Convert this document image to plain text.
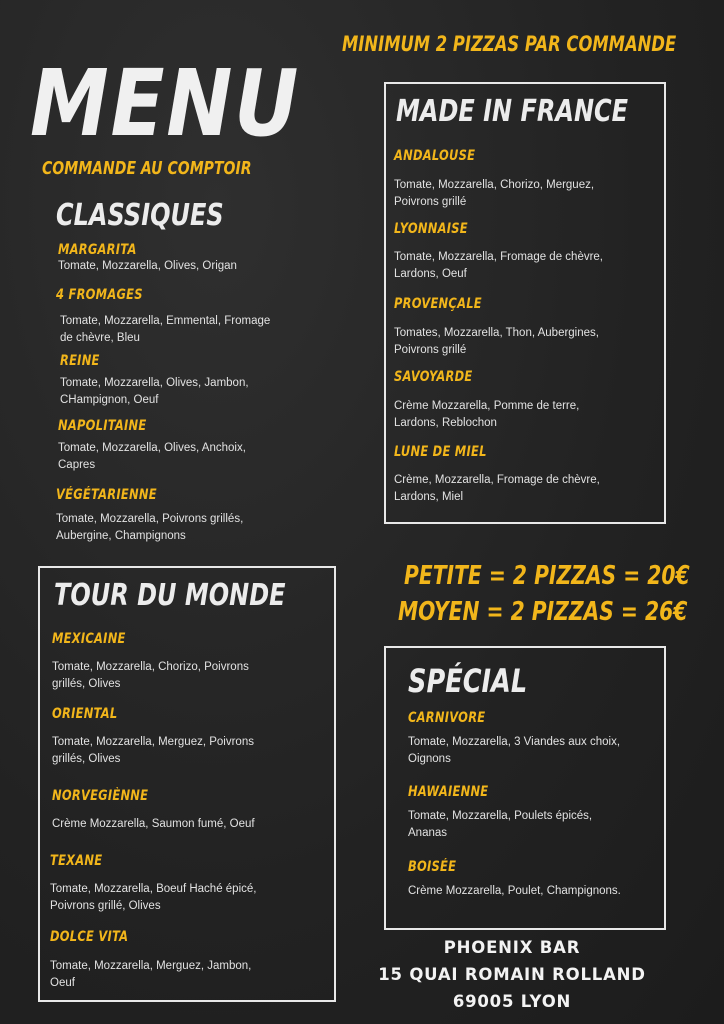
MINIMUM 2 PIZZAS PAR COMMANDE
MENU
COMMANDE AU COMPTOIR
CLASSIQUES
MARGARITA
Tomate, Mozzarella, Olives, Origan
4 FROMAGES
Tomate, Mozzarella, Emmental, Fromage de chèvre, Bleu
REINE
Tomate, Mozzarella, Olives, Jambon, CHampignon, Oeuf
NAPOLITAINE
Tomate, Mozzarella, Olives, Anchoix, Capres
VÉGÉTARIENNE
Tomate, Mozzarella, Poivrons grillés, Aubergine, Champignons
MADE IN FRANCE
ANDALOUSE
Tomate, Mozzarella, Chorizo, Merguez, Poivrons grillé
LYONNAISE
Tomate, Mozzarella, Fromage de chèvre, Lardons, Oeuf
PROVENÇALE
Tomates, Mozzarella, Thon, Aubergines, Poivrons grillé
SAVOYARDE
Crème Mozzarella, Pomme de terre, Lardons, Reblochon
LUNE DE MIEL
Crème, Mozzarella, Fromage de chèvre, Lardons, Miel
PETITE = 2 PIZZAS = 20€
MOYEN = 2 PIZZAS = 26€
TOUR DU MONDE
MEXICAINE
Tomate, Mozzarella, Chorizo, Poivrons grillés, Olives
ORIENTAL
Tomate, Mozzarella, Merguez, Poivrons grillés, Olives
NORVEGIÈNNE
Crème Mozzarella, Saumon fumé, Oeuf
TEXANE
Tomate, Mozzarella, Boeuf Haché épicé, Poivrons grillé, Olives
DOLCE VITA
Tomate, Mozzarella, Merguez, Jambon, Oeuf
SPÉCIAL
CARNIVORE
Tomate, Mozzarella, 3 Viandes aux choix, Oignons
HAWAIENNE
Tomate, Mozzarella, Poulets épicés, Ananas
BOISÉE
Crème Mozzarella, Poulet, Champignons.
PHOENIX BAR
15 QUAI ROMAIN ROLLAND
69005 LYON
